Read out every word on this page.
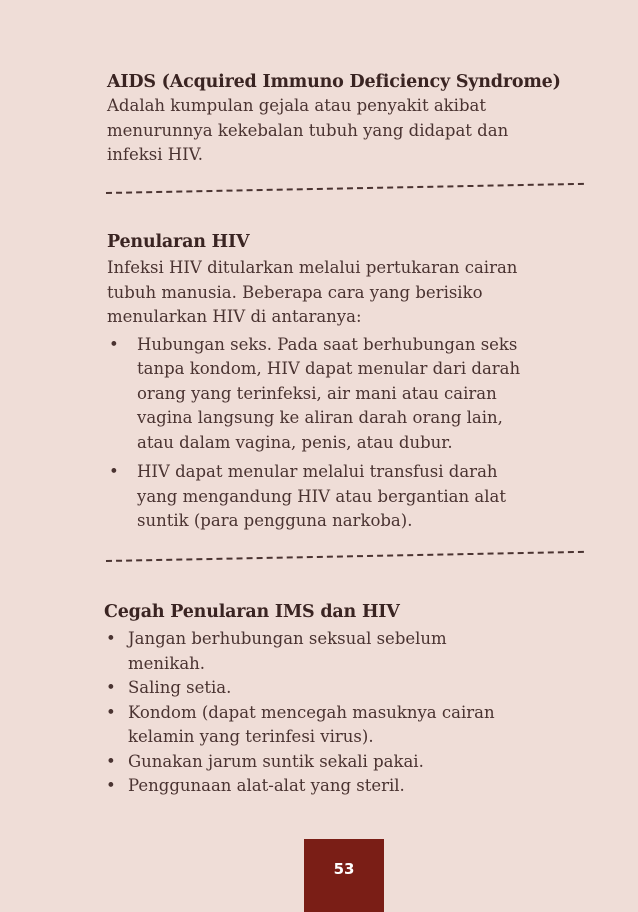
AIDS (Acquired Immuno Deficiency Syndrome)

Adalah kumpulan gejala atau penyakit akibat
menurunnya kekebalan tubuh yang didapat dan
infeksi HIV.

Penularan HIV

Infeksi HIV ditularkan melalui pertukaran cairan
tubuh manusia. Beberapa cara yang berisiko
menularkan HIV di antaranya:

• Hubungan seks. Pada saat berhubungan seks
tanpa kondom, HIV dapat menular dari darah
orang yang terinfeksi, air mani atau cairan
vagina langsung ke aliran darah orang lain,
atau dalam vagina, penis, atau dubur.
• HIV dapat menular melalui transfusi darah
yang mengandung HIV atau bergantian alat
suntik (para pengguna narkoba).

Cegah Penularan IMS dan HIV

• Jangan berhubungan seksual sebelum
menikah.
• Saling setia.
• Kondom (dapat mencegah masuknya cairan
kelamin yang terinfesi virus).
• Gunakan jarum suntik sekali pakai.
• Penggunaan alat-alat yang steril.
53
